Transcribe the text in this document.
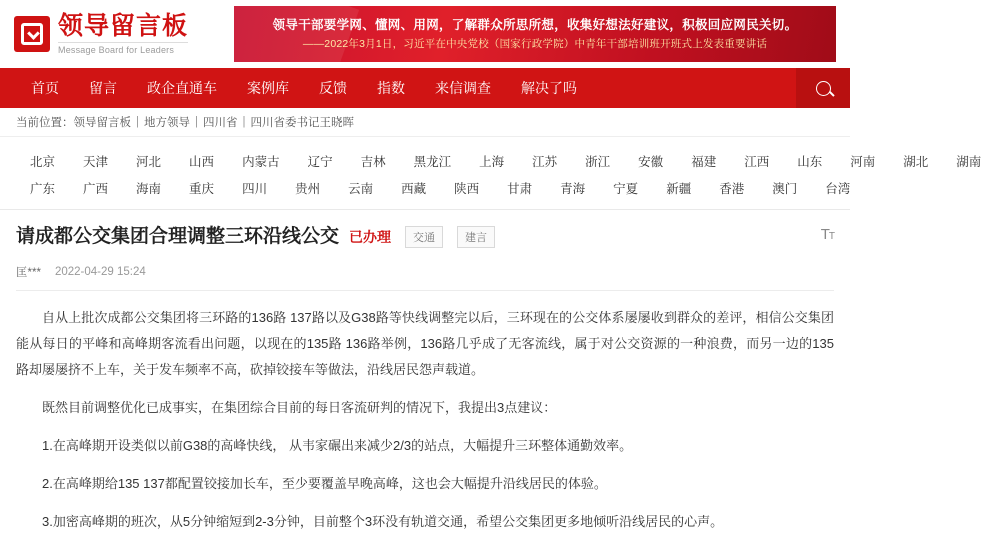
领导留言板
Message Board for Leaders
领导干部要学网、懂网、用网，了解群众所思所想，收集好想法好建议，积极回应网民关切。
——2022年3月1日，习近平在中央党校（国家行政学院）中青年干部培训班开班式上发表重要讲话
首页	留言	政企直通车	案例库	反馈	指数	来信调查	解决了吗
当前位置： 领导留言板 | 地方领导 | 四川省 | 四川省委书记王晓晖
北京	天津	河北	山西	内蒙古	辽宁	吉林	黑龙江	上海	江苏	浙江	安徽	福建	江西	山东	河南	湖北	湖南
广东	广西	海南	重庆	四川	贵州	云南	西藏	陕西	甘肃	青海	宁夏	新疆	香港	澳门	台湾
TT
请成都公交集团合理调整三环沿线公交 已办理	交通	建言
匡*** 2022-04-29 15:24

自从上批次成都公交集团将三环路的136路 137路以及G38路等快线调整完以后，三环现在的公交体系屡屡收到群众的差评，相信公交集团能从每日的平峰和高峰期客流看出问题，以现在的135路 136路举例，136路几乎成了无客流线，属于对公交资源的一种浪费，而另一边的135路却屡屡挤不上车，关于发车频率不高，砍掉铰接车等做法，沿线居民怨声载道。

既然目前调整优化已成事实，在集团综合目前的每日客流研判的情况下，我提出3点建议：

1.在高峰期开设类似以前G38的高峰快线， 从韦家碾出来减少2/3的站点，大幅提升三环整体通勤效率。

2.在高峰期给135 137都配置铰接加长车，至少要覆盖早晚高峰，这也会大幅提升沿线居民的体验。

3.加密高峰期的班次，从5分钟缩短到2-3分钟，目前整个3环没有轨道交通，希望公交集团更多地倾听沿线居民的心声。
